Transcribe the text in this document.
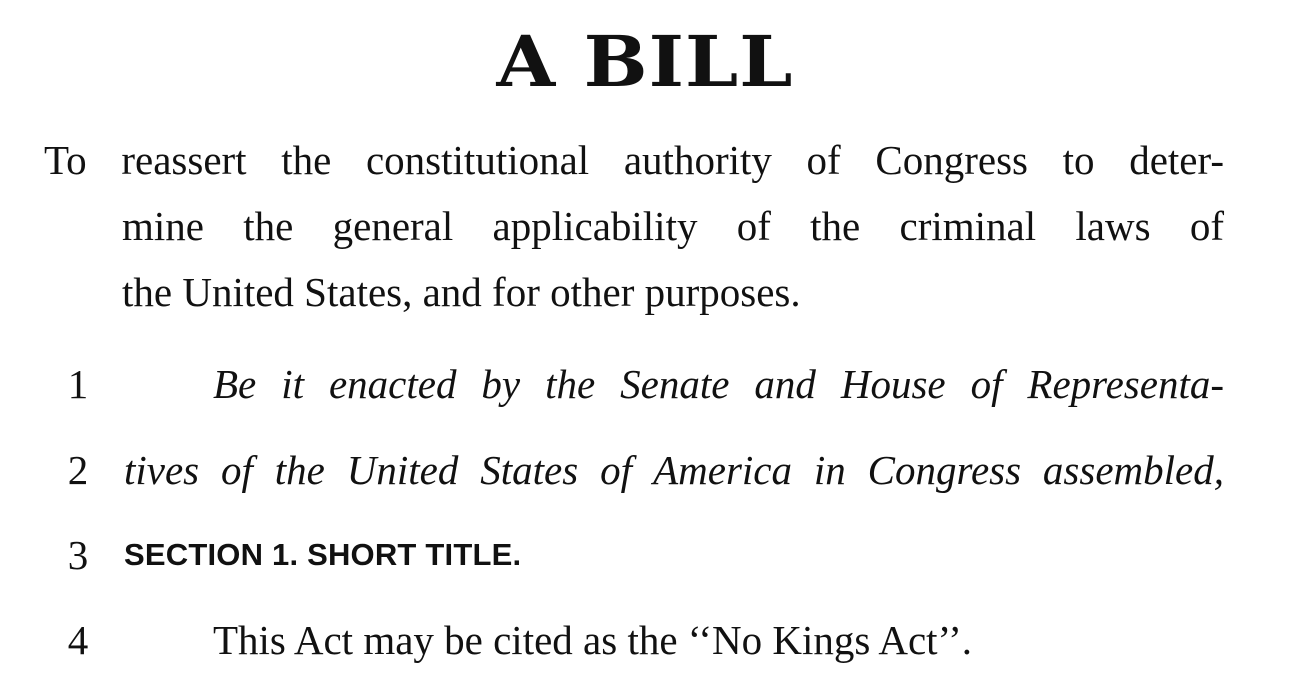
A BILL
To reassert the constitutional authority of Congress to deter-
mine the general applicability of the criminal laws of
the United States, and for other purposes.
1	Be it enacted by the Senate and House of Representa-
2 tives of the United States of America in Congress assembled,
3 SECTION 1. SHORT TITLE.
4	This Act may be cited as the ‘‘No Kings Act’’.
